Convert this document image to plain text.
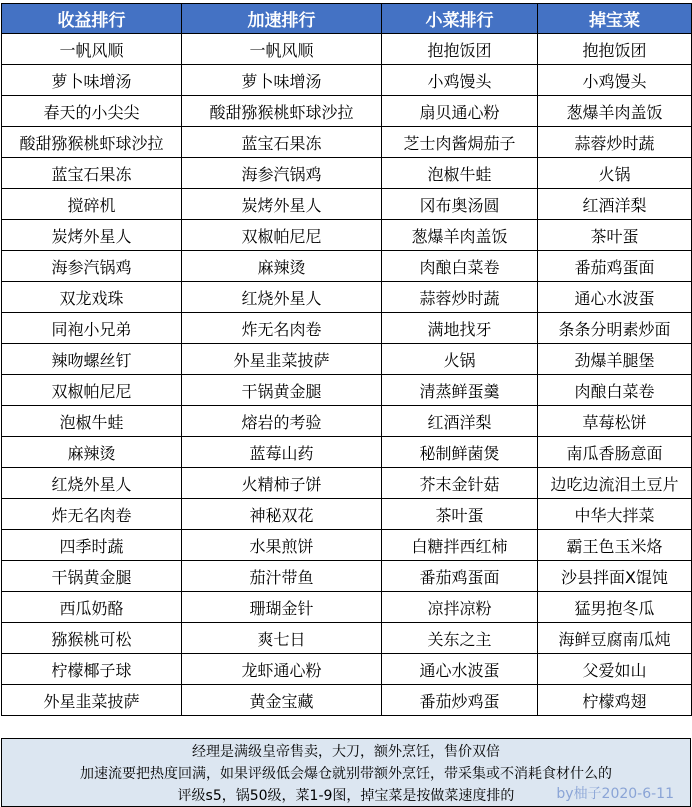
收益排行	加速排行	小菜排行	掉宝菜
一帆风顺	一帆风顺	抱抱饭团	抱抱饭团
萝卜味增汤	萝卜味增汤	小鸡馒头	小鸡馒头
春天的小尖尖	酸甜猕猴桃虾球沙拉	扇贝通心粉	葱爆羊肉盖饭
酸甜猕猴桃虾球沙拉	蓝宝石果冻	芝士肉酱焗茄子	蒜蓉炒时蔬
蓝宝石果冻	海参汽锅鸡	泡椒牛蛙	火锅
搅碎机	炭烤外星人	冈布奥汤圆	红酒洋梨
炭烤外星人	双椒帕尼尼	葱爆羊肉盖饭	茶叶蛋
海参汽锅鸡	麻辣烫	肉酿白菜卷	番茄鸡蛋面
双龙戏珠	红烧外星人	蒜蓉炒时蔬	通心水波蛋
同袍小兄弟	炸无名肉卷	满地找牙	条条分明素炒面
辣吻螺丝钉	外星韭菜披萨	火锅	劲爆羊腿堡
双椒帕尼尼	干锅黄金腿	清蒸鲜蛋羹	肉酿白菜卷
泡椒牛蛙	熔岩的考验	红酒洋梨	草莓松饼
麻辣烫	蓝莓山药	秘制鲜菌煲	南瓜香肠意面
红烧外星人	火精柿子饼	芥末金针菇	边吃边流泪土豆片
炸无名肉卷	神秘双花	茶叶蛋	中华大拌菜
四季时蔬	水果煎饼	白糖拌西红柿	霸王色玉米烙
干锅黄金腿	茄汁带鱼	番茄鸡蛋面	沙县拌面X馄饨
西瓜奶酪	珊瑚金针	凉拌凉粉	猛男抱冬瓜
猕猴桃可松	爽七日	关东之主	海鲜豆腐南瓜炖
柠檬椰子球	龙虾通心粉	通心水波蛋	父爱如山
外星韭菜披萨	黄金宝藏	番茄炒鸡蛋	柠檬鸡翅
经理是满级皇帝售卖，大刀，额外烹饪，售价双倍
加速流要把热度回满，如果评级低会爆仓就别带额外烹饪，带采集或不消耗食材什么的
评级s5，锅50级，菜1-9图，掉宝菜是按做菜速度排的	by柚子2020-6-11
